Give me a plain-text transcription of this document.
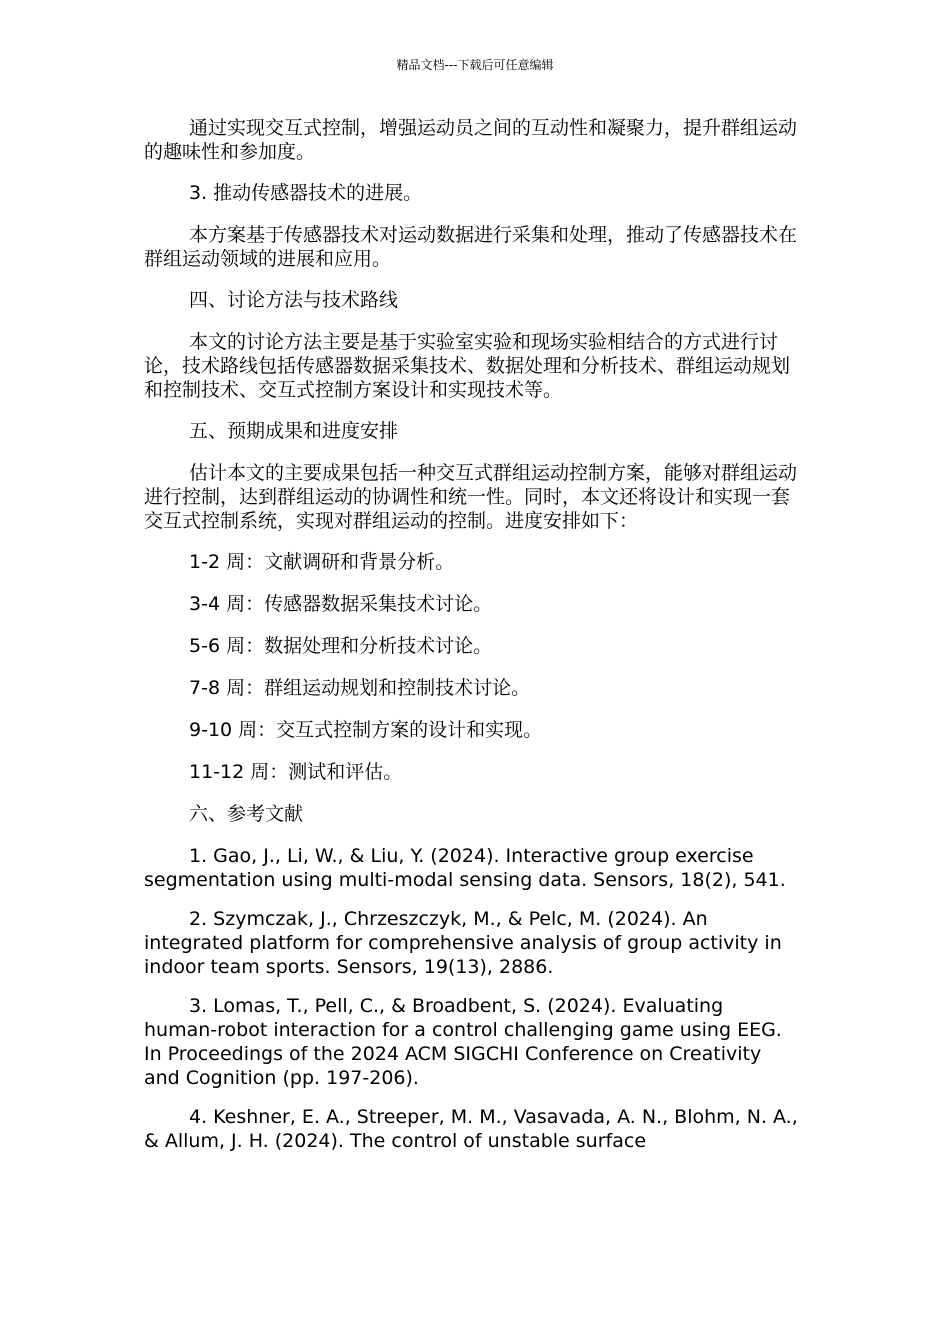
精品文档---下载后可任意编辑

通过实现交互式控制，增强运动员之间的互动性和凝聚力，提升群组运动的趣味性和参加度。

3. 推动传感器技术的进展。

本方案基于传感器技术对运动数据进行采集和处理，推动了传感器技术在群组运动领域的进展和应用。

四、讨论方法与技术路线

本文的讨论方法主要是基于实验室实验和现场实验相结合的方式进行讨论，技术路线包括传感器数据采集技术、数据处理和分析技术、群组运动规划和控制技术、交互式控制方案设计和实现技术等。

五、预期成果和进度安排

估计本文的主要成果包括一种交互式群组运动控制方案，能够对群组运动进行控制，达到群组运动的协调性和统一性。同时，本文还将设计和实现一套交互式控制系统，实现对群组运动的控制。进度安排如下：

1-2 周：文献调研和背景分析。

3-4 周：传感器数据采集技术讨论。

5-6 周：数据处理和分析技术讨论。

7-8 周：群组运动规划和控制技术讨论。

9-10 周：交互式控制方案的设计和实现。

11-12 周：测试和评估。

六、参考文献

1. Gao, J., Li, W., & Liu, Y. (2024). Interactive group exercise segmentation using multi-modal sensing data. Sensors, 18(2), 541.

2. Szymczak, J., Chrzeszczyk, M., & Pelc, M. (2024). An integrated platform for comprehensive analysis of group activity in indoor team sports. Sensors, 19(13), 2886.

3. Lomas, T., Pell, C., & Broadbent, S. (2024). Evaluating human-robot interaction for a control challenging game using EEG. In Proceedings of the 2024 ACM SIGCHI Conference on Creativity and Cognition (pp. 197-206).

4. Keshner, E. A., Streeper, M. M., Vasavada, A. N., Blohm, N. A., & Allum, J. H. (2024). The control of unstable surface
